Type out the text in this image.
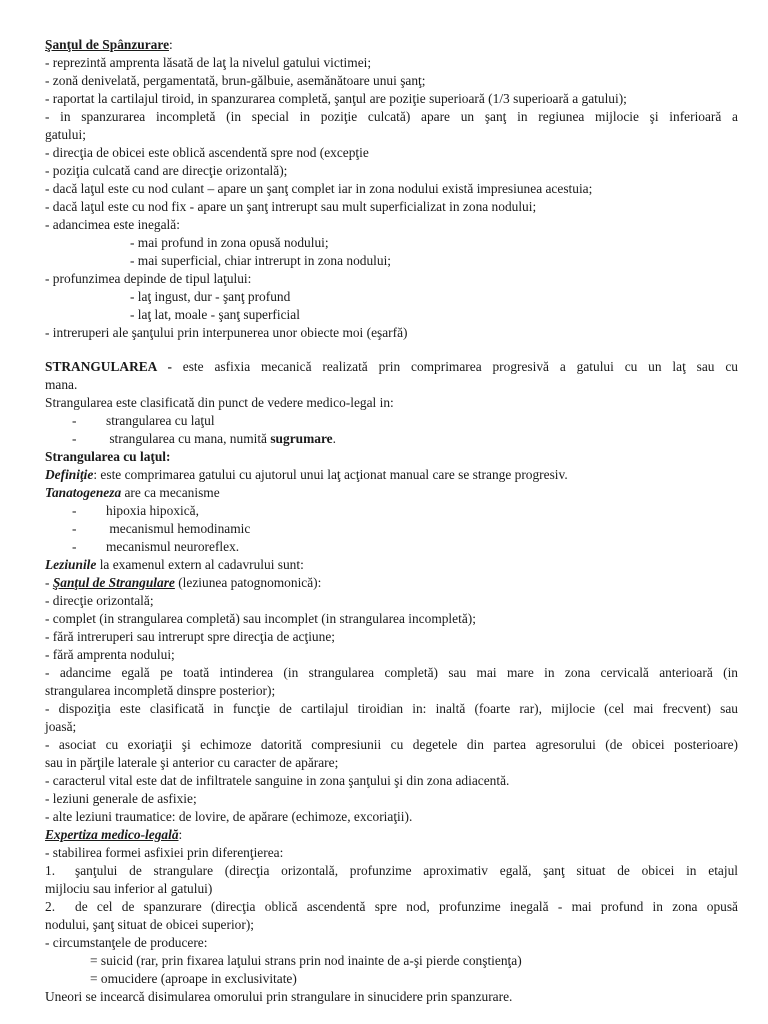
Şanţul de Spânzurare:
- reprezintă amprenta lăsată de laţ la nivelul gatului victimei;
- zonă denivelată, pergamentată, brun-gălbuie, asemănătoare unui şanţ;
- raportat la cartilajul tiroid, in spanzurarea completă, şanţul are poziţie superioară (1/3 superioară a gatului);
- in spanzurarea incompletă (in special in poziţie culcată) apare un şanţ in regiunea mijlocie şi inferioară a
gatului;
- direcţia de obicei este oblică ascendentă spre nod (excepţie
- poziţia culcată cand are direcţie orizontală);
- dacă laţul este cu nod culant – apare un şanţ complet iar in zona nodului există impresiunea acestuia;
- dacă laţul este cu nod fix - apare un şanţ intrerupt sau mult superficializat in zona nodului;
- adancimea este inegală:
- mai profund in zona opusă nodului;
- mai superficial, chiar intrerupt in zona nodului;
- profunzimea depinde de tipul laţului:
- laţ ingust, dur - şanţ profund
- laţ lat, moale - şanţ superficial
- intreruperi ale şanţului prin interpunerea unor obiecte moi (eşarfă)
STRANGULAREA - este asfixia mecanică realizată prin comprimarea progresivă a gatului cu un laţ sau cu
mana.
Strangularea este clasificată din punct de vedere medico-legal in:
- strangularea cu laţul
- strangularea cu mana, numită sugrumare.
Strangularea cu laţul:
Definiţie: este comprimarea gatului cu ajutorul unui laţ acţionat manual care se strange progresiv.
Tanatogeneza are ca mecanisme
- hipoxia hipoxică,
- mecanismul hemodinamic
- mecanismul neuroreflex.
Leziunile la examenul extern al cadavrului sunt:
- Şanţul de Strangulare (leziunea patognomonică):
- direcţie orizontală;
- complet (in strangularea completă) sau incomplet (in strangularea incompletă);
- fără intreruperi sau intrerupt spre direcţia de acţiune;
- fără amprenta nodului;
- adancime egală pe toată intinderea (in strangularea completă) sau mai mare in zona cervicală anterioară (in
strangularea incompletă dinspre posterior);
- dispoziţia este clasificată in funcţie de cartilajul tiroidian in: inaltă (foarte rar), mijlocie (cel mai frecvent) sau
joasă;
- asociat cu exoriaţii şi echimoze datorită compresiunii cu degetele din partea agresorului (de obicei posterioare)
sau in părţile laterale şi anterior cu caracter de apărare;
- caracterul vital este dat de infiltratele sanguine in zona şanţului şi din zona adiacentă.
- leziuni generale de asfixie;
- alte leziuni traumatice: de lovire, de apărare (echimoze, excoriaţii).
Expertiza medico-legală:
- stabilirea formei asfixiei prin diferenţierea:
1. şanţului de strangulare (direcţia orizontală, profunzime aproximativ egală, şanţ situat de obicei in etajul
mijlociu sau inferior al gatului)
2. de cel de spanzurare (direcţia oblică ascendentă spre nod, profunzime inegală - mai profund in zona opusă
nodului, şanţ situat de obicei superior);
- circumstanţele de producere:
= suicid (rar, prin fixarea laţului strans prin nod inainte de a-şi pierde conştienţa)
= omucidere (aproape in exclusivitate)
Uneori se incearcă disimularea omorului prin strangulare in sinucidere prin spanzurare.
